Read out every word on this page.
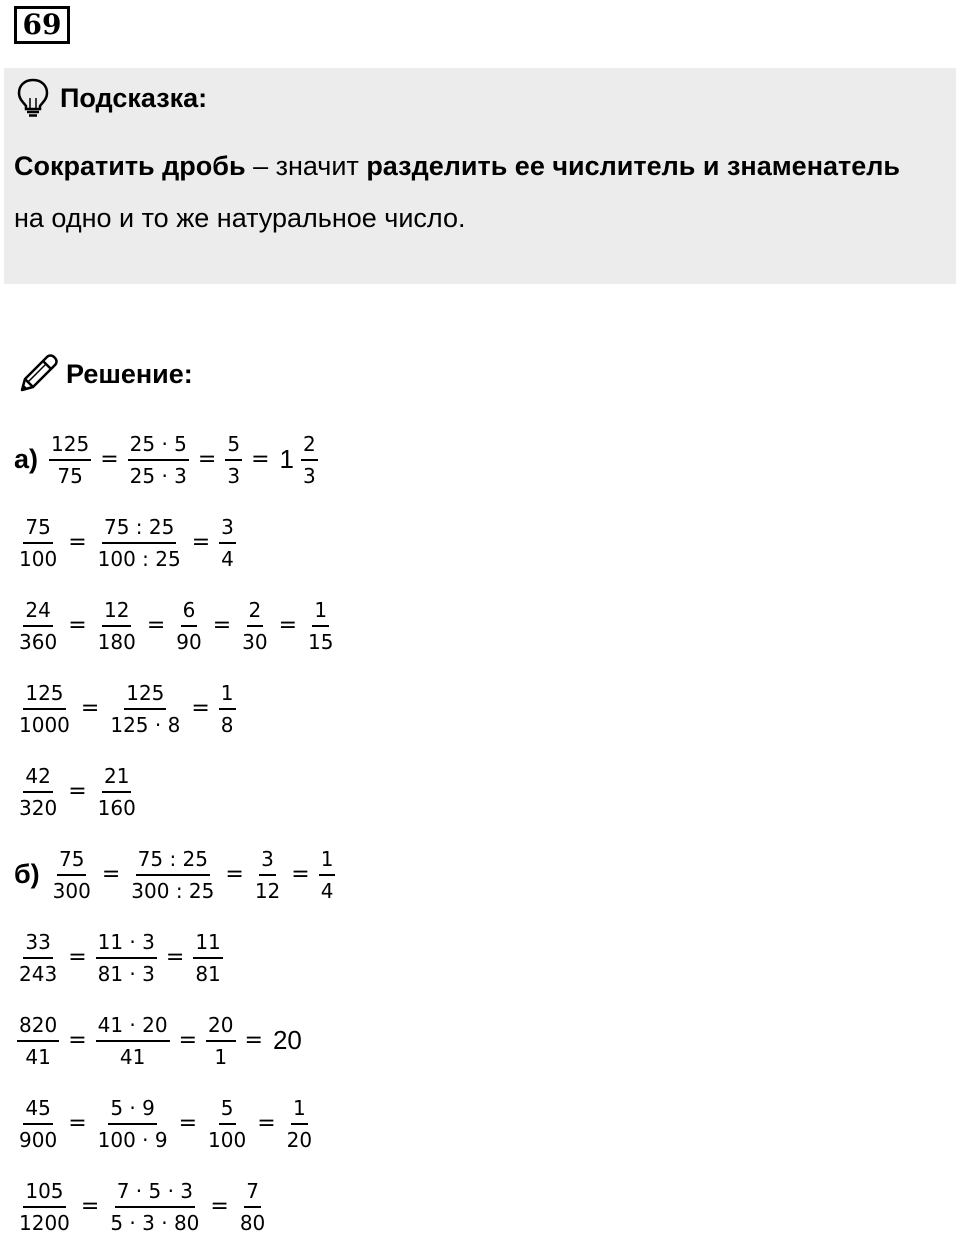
69
Подсказка:
Сократить дробь – значит разделить ее числитель и знаменатель на одно и то же натуральное число.
Решение:
$а) \frac{125}{75} = \frac{25 \cdot 5}{25 \cdot 3} = \frac{5}{3} = 1 \frac{2}{3}$
$\frac{75}{100} = \frac{75 : 25}{100 : 25} = \frac{3}{4}$
$\frac{24}{360} = \frac{12}{180} = \frac{6}{90} = \frac{2}{30} = \frac{1}{15}$
$\frac{125}{1000} = \frac{125}{125 \cdot 8} = \frac{1}{8}$
$\frac{42}{320} = \frac{21}{160}$
$б) \frac{75}{300} = \frac{75 : 25}{300 : 25} = \frac{3}{12} = \frac{1}{4}$
$\frac{33}{243} = \frac{11 \cdot 3}{81 \cdot 3} = \frac{11}{81}$
$\frac{820}{41} = \frac{41 \cdot 20}{41} = \frac{20}{1} = 20$
$\frac{45}{900} = \frac{5 \cdot 9}{100 \cdot 9} = \frac{5}{100} = \frac{1}{20}$
$\frac{105}{1200} = \frac{7 \cdot 5 \cdot 3}{5 \cdot 3 \cdot 80} = \frac{7}{80}$
